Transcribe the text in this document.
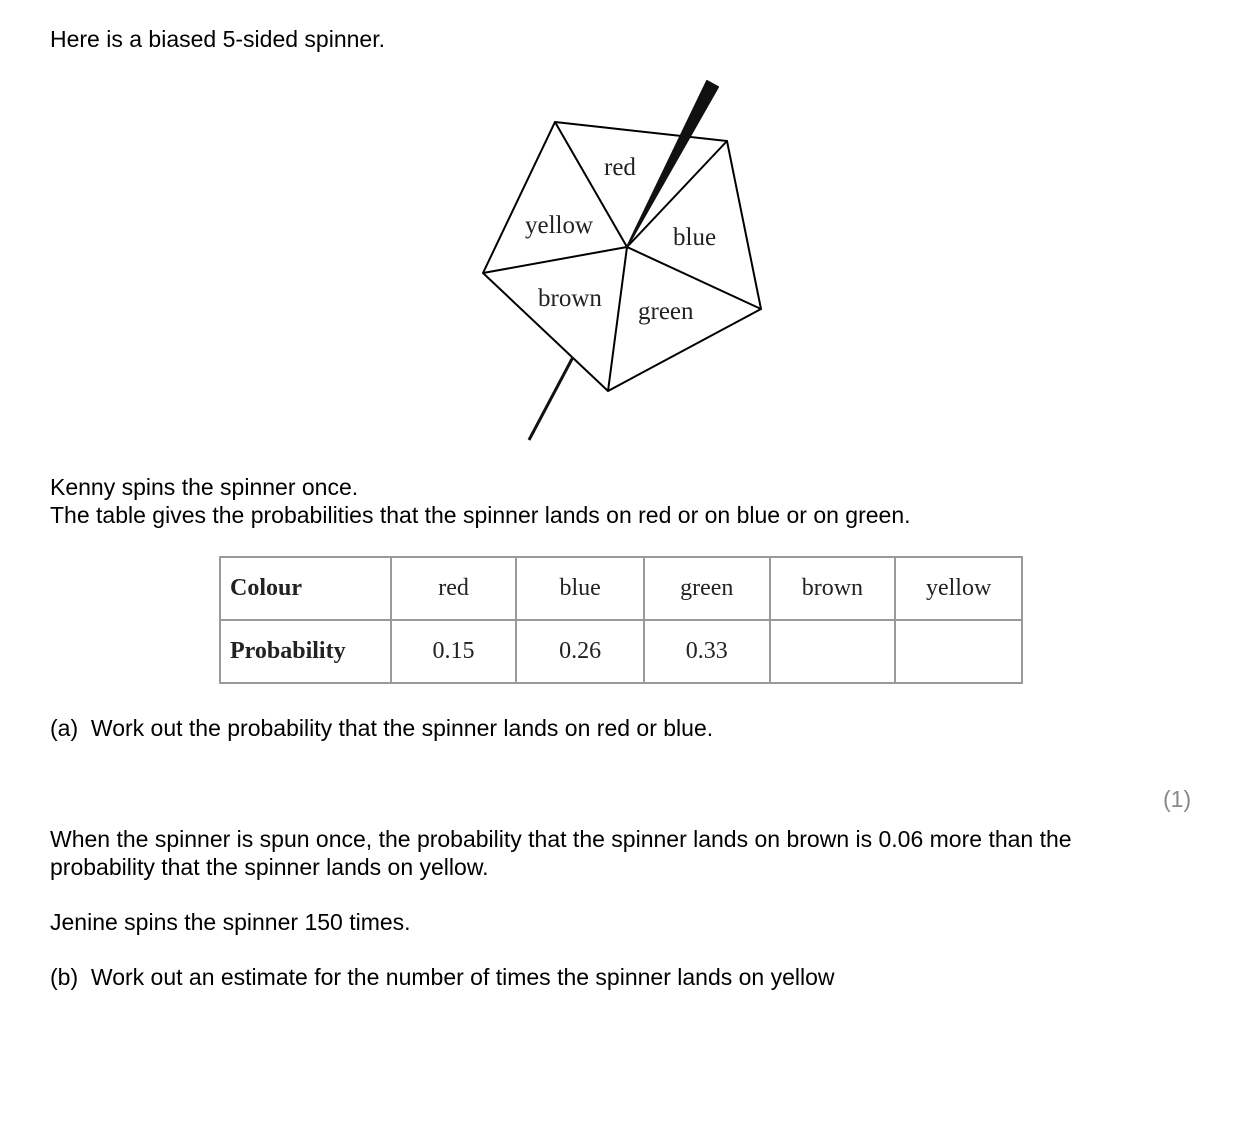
Here is a biased 5-sided spinner.
red
yellow	blue
brown green
Kenny spins the spinner once.
The table gives the probabilities that the spinner lands on red or on blue or on green.
Colour	red	blue	green	brown	yellow
Probability	0.15	0.26	0.33		
(a) Work out the probability that the spinner lands on red or blue.
(1)
When the spinner is spun once, the probability that the spinner lands on brown is 0.06 more than the
probability that the spinner lands on yellow.
Jenine spins the spinner 150 times.
(b) Work out an estimate for the number of times the spinner lands on yellow
